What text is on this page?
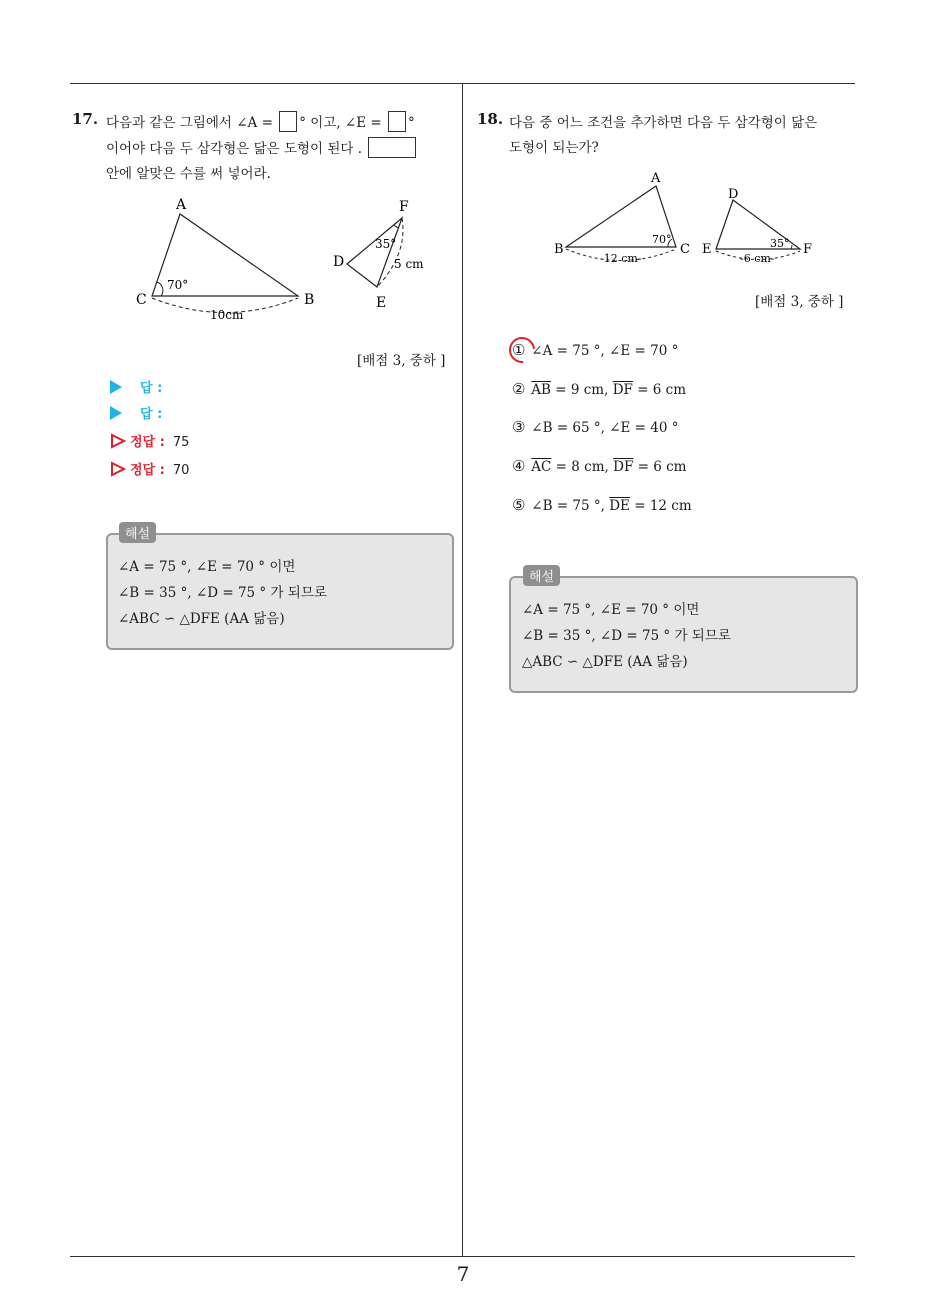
7
17. 다음과 같은 그림에서 ∠A = ° 이고, ∠E = °
이어야 다음 두 삼각형은 닮은 도형이 된다 .
안에 알맞은 수를 써 넣어라.
A
B
C
70°
10cm
D
E
F
35°
5 cm
[배점 3, 중하 ]
답 :
답 :
정답 : 75
정답 : 70
해설
∠A = 75 °, ∠E = 70 ° 이면
∠B = 35 °, ∠D = 75 ° 가 되므로
∠ABC ∽ △DFE (AA 닮음)
18. 다음 중 어느 조건을 추가하면 다음 두 삼각형이 닮은
도형이 되는가?
A
B	C
70°
-12 cm-
D
E	F
35°
-6 cm-
[배점 3, 중하 ]
① ∠A = 75 °, ∠E = 70 °
② $\overline{AB} = 9$ cm, $\overline{DF} = 6$ cm
③ ∠B = 65 °, ∠E = 40 °
④ $\overline{AC} = 8$ cm, $\overline{DF} = 6$ cm
⑤ ∠B = 75 °, $\overline{DE} = 12$ cm
해설
∠A = 75 °, ∠E = 70 ° 이면
∠B = 35 °, ∠D = 75 ° 가 되므로
△ABC ∽ △DFE (AA 닮음)
